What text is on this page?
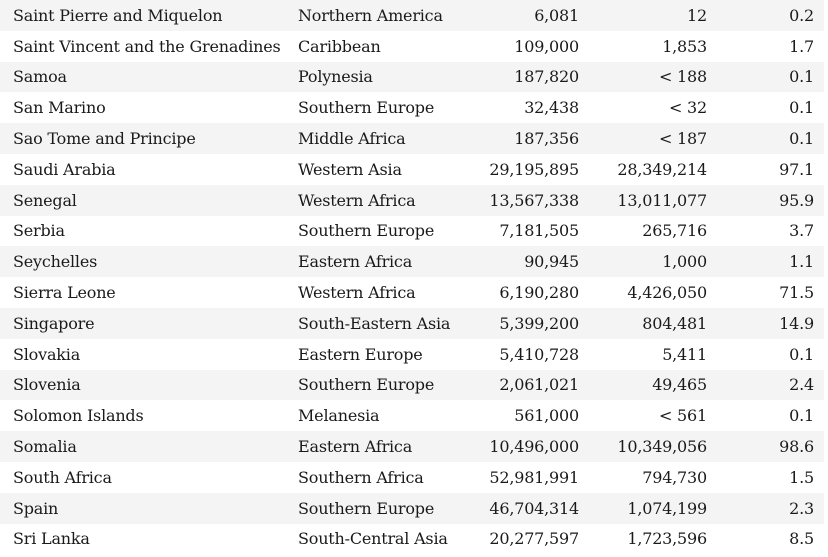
Saint Pierre and Miquelon	Northern America	6,081	12	0.2
Saint Vincent and the Grenadines	Caribbean	109,000	1,853	1.7
Samoa	Polynesia	187,820	< 188	0.1
San Marino	Southern Europe	32,438	< 32	0.1
Sao Tome and Principe	Middle Africa	187,356	< 187	0.1
Saudi Arabia	Western Asia	29,195,895	28,349,214	97.1
Senegal	Western Africa	13,567,338	13,011,077	95.9
Serbia	Southern Europe	7,181,505	265,716	3.7
Seychelles	Eastern Africa	90,945	1,000	1.1
Sierra Leone	Western Africa	6,190,280	4,426,050	71.5
Singapore	South-Eastern Asia	5,399,200	804,481	14.9
Slovakia	Eastern Europe	5,410,728	5,411	0.1
Slovenia	Southern Europe	2,061,021	49,465	2.4
Solomon Islands	Melanesia	561,000	< 561	0.1
Somalia	Eastern Africa	10,496,000	10,349,056	98.6
South Africa	Southern Africa	52,981,991	794,730	1.5
Spain	Southern Europe	46,704,314	1,074,199	2.3
Sri Lanka	South-Central Asia	20,277,597	1,723,596	8.5
